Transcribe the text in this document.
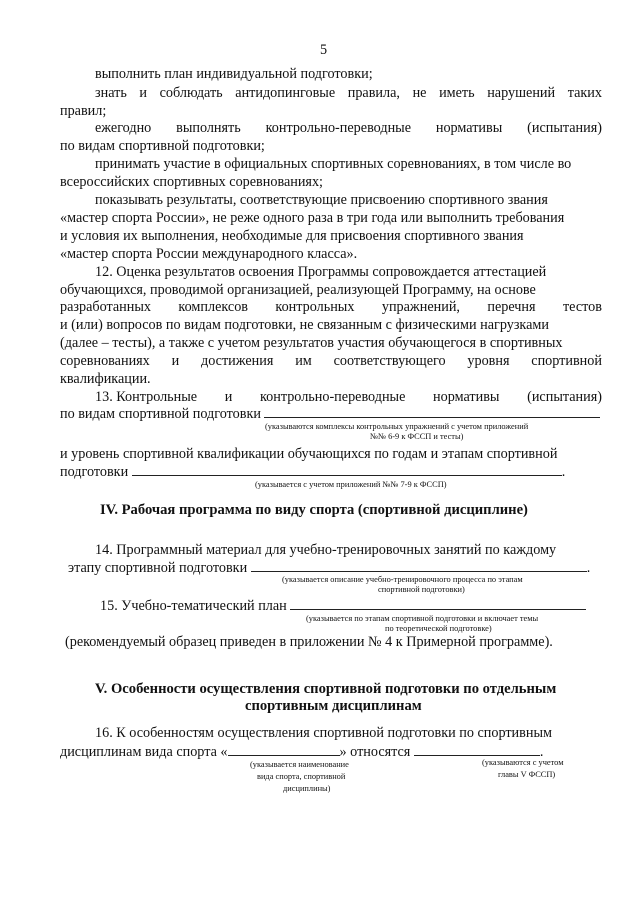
5
выполнить план индивидуальной подготовки;
знать и соблюдать антидопинговые правила, не иметь нарушений таких
правил;
ежегодно выполнять контрольно-переводные нормативы (испытания)
по видам спортивной подготовки;
принимать участие в официальных спортивных соревнованиях, в том числе во
всероссийских спортивных соревнованиях;
показывать результаты, соответствующие присвоению спортивного звания
«мастер спорта России», не реже одного раза в три года или выполнить требования
и условия их выполнения, необходимые для присвоения спортивного звания
«мастер спорта России международного класса».
12. Оценка результатов освоения Программы сопровождается аттестацией
обучающихся, проводимой организацией, реализующей Программу, на основе
разработанных комплексов контрольных упражнений, перечня тестов
и (или) вопросов по видам подготовки, не связанным с физическими нагрузками
(далее – тесты), а также с учетом результатов участия обучающегося в спортивных
соревнованиях и достижения им соответствующего уровня спортивной
квалификации.
13. Контрольные и контрольно-переводные нормативы (испытания)
по видам спортивной подготовки
(указываются комплексы контрольных упражнений с учетом приложений
№№ 6-9 к ФССП и тесты)
и уровень спортивной квалификации обучающихся по годам и этапам спортивной
подготовки	.
(указывается с учетом приложений №№ 7-9 к ФССП)
IV. Рабочая программа по виду спорта (спортивной дисциплине)
14. Программный материал для учебно-тренировочных занятий по каждому
этапу спортивной подготовки	.
(указывается описание учебно-тренировочного процесса по этапам
спортивной подготовки)
15. Учебно-тематический план
(указывается по этапам спортивной подготовки и включает темы
по теоретической подготовке)
(рекомендуемый образец приведен в приложении № 4 к Примерной программе).
V. Особенности осуществления спортивной подготовки по отдельным
спортивным дисциплинам
16. К особенностям осуществления спортивной подготовки по спортивным
дисциплинам вида спорта «	» относятся	.
(указывается наименование
вида спорта, спортивной
дисциплины)
(указываются с учетом
главы V ФССП)
